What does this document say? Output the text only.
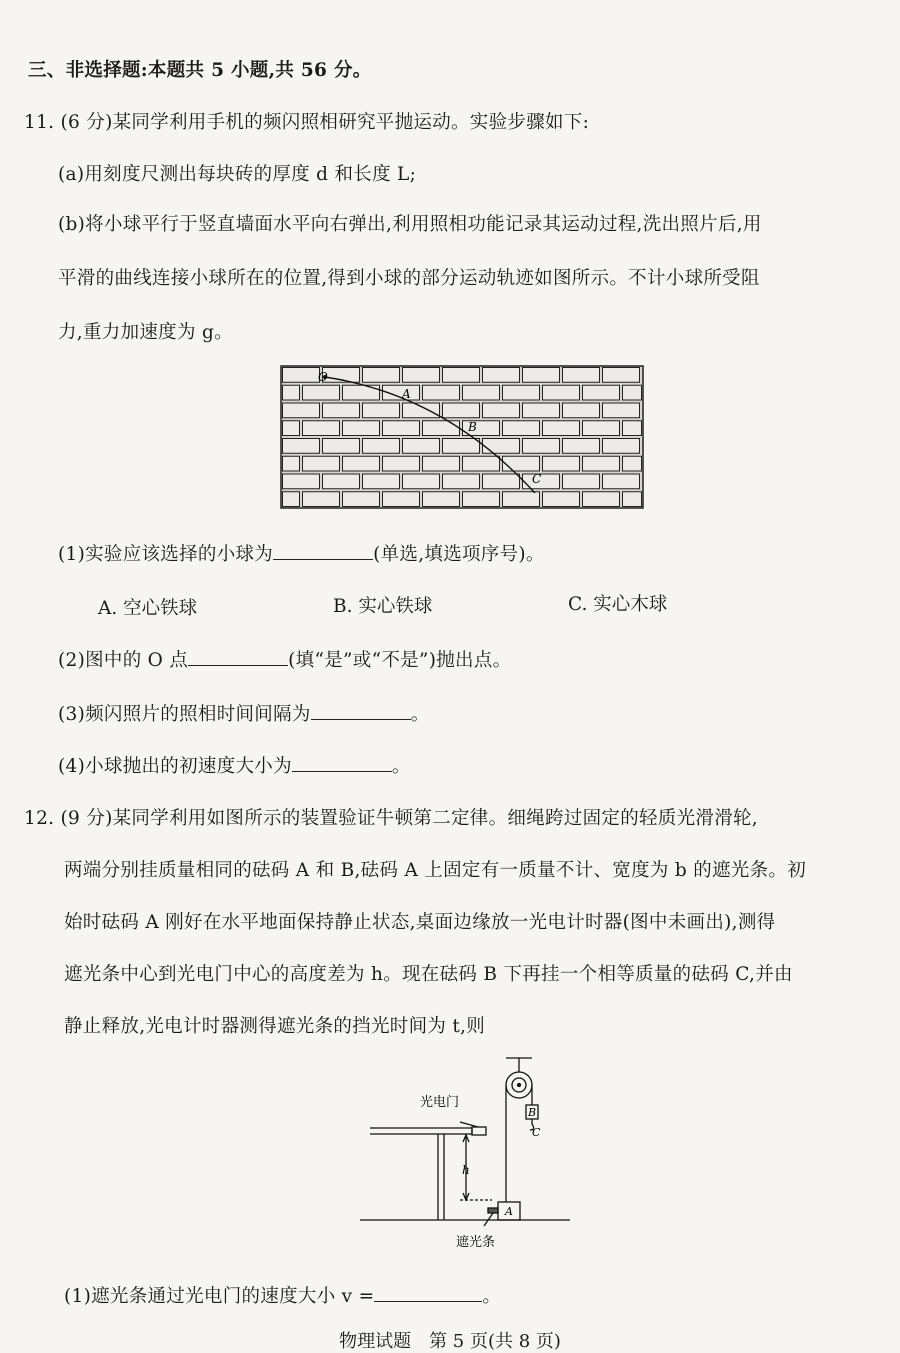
三、非选择题:本题共 5 小题,共 56 分。
11. (6 分)某同学利用手机的频闪照相研究平抛运动。实验步骤如下:
(a)用刻度尺测出每块砖的厚度 d 和长度 L;
(b)将小球平行于竖直墙面水平向右弹出,利用照相功能记录其运动过程,洗出照片后,用
平滑的曲线连接小球所在的位置,得到小球的部分运动轨迹如图所示。不计小球所受阻
力,重力加速度为 g。
O
A
B
C
(1)实验应该选择的小球为	(单选,填选项序号)。
A. 空心铁球	B. 实心铁球	C. 实心木球
(2)图中的 O 点	(填“是”或“不是”)抛出点。
(3)频闪照片的照相时间间隔为	。
(4)小球抛出的初速度大小为	。
12. (9 分)某同学利用如图所示的装置验证牛顿第二定律。细绳跨过固定的轻质光滑滑轮,
两端分别挂质量相同的砝码 A 和 B,砝码 A 上固定有一质量不计、宽度为 b 的遮光条。初
始时砝码 A 刚好在水平地面保持静止状态,桌面边缘放一光电计时器(图中未画出),测得
遮光条中心到光电门中心的高度差为 h。现在砝码 B 下再挂一个相等质量的砝码 C,并由
静止释放,光电计时器测得遮光条的挡光时间为 t,则
光电门
h
B
C
A
遮光条
(1)遮光条通过光电门的速度大小 v =	。
物理试题　第 5 页(共 8 页)
